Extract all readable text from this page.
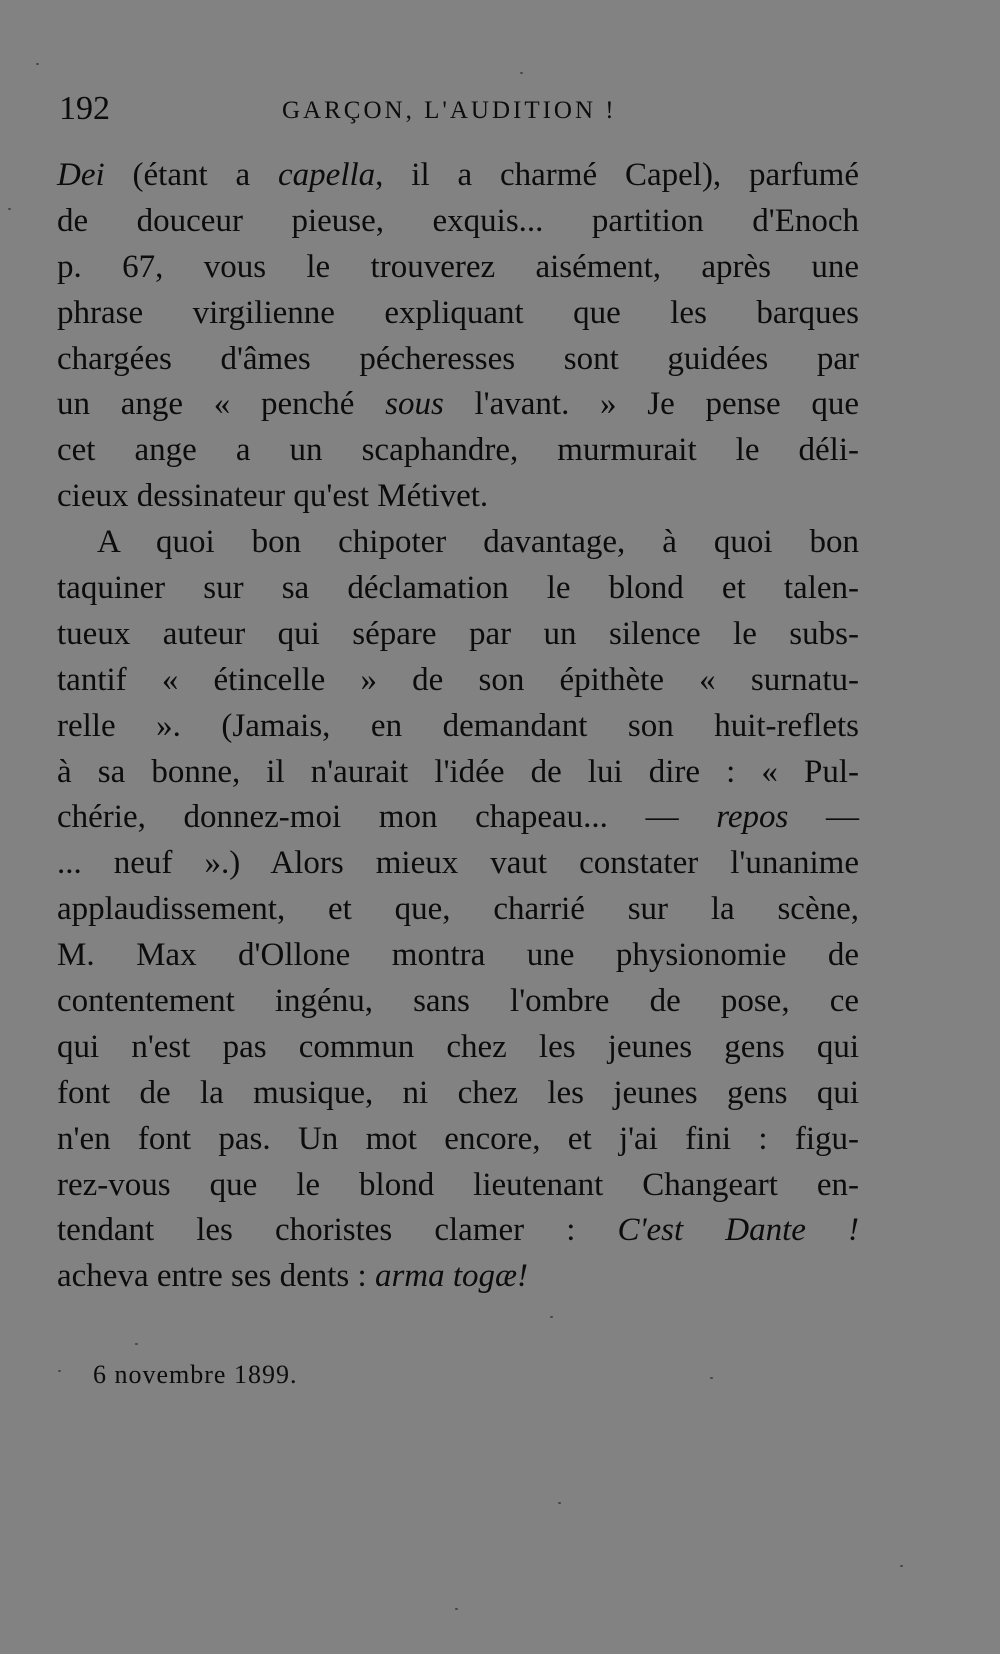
192	GARÇON, L'AUDITION !
Dei (étant a capella, il a charmé Capel), parfumé
de douceur pieuse, exquis... partition d'Enoch
p. 67, vous le trouverez aisément, après une
phrase virgilienne expliquant que les barques
chargées d'âmes pécheresses sont guidées par
un ange « penché sous l'avant. » Je pense que
cet ange a un scaphandre, murmurait le déli-
cieux dessinateur qu'est Métivet.
A quoi bon chipoter davantage, à quoi bon
taquiner sur sa déclamation le blond et talen-
tueux auteur qui sépare par un silence le subs-
tantif « étincelle » de son épithète « surnatu-
relle ». (Jamais, en demandant son huit-reflets
à sa bonne, il n'aurait l'idée de lui dire : « Pul-
chérie, donnez-moi mon chapeau... — repos —
... neuf ».) Alors mieux vaut constater l'unanime
applaudissement, et que, charrié sur la scène,
M. Max d'Ollone montra une physionomie de
contentement ingénu, sans l'ombre de pose, ce
qui n'est pas commun chez les jeunes gens qui
font de la musique, ni chez les jeunes gens qui
n'en font pas. Un mot encore, et j'ai fini : figu-
rez-vous que le blond lieutenant Changeart en-
tendant les choristes clamer : C'est Dante !
acheva entre ses dents : arma togæ!
6 novembre 1899.
